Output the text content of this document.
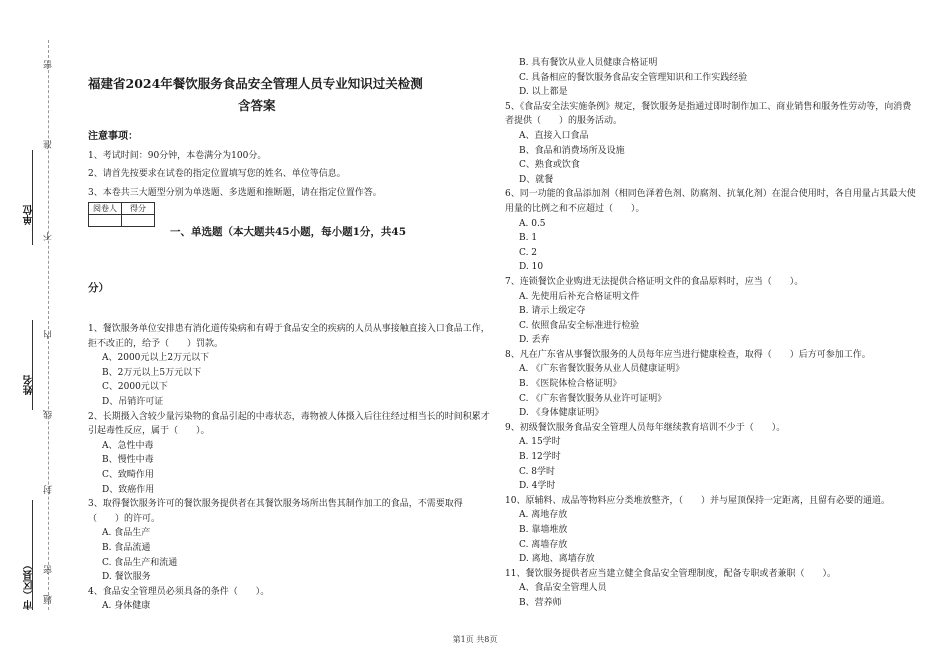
密
准
单位
不
内
姓名
线
封
市（区县） 密
题
福建省2024年餐饮服务食品安全管理人员专业知识过关检测
含答案
注意事项：
1、考试时间：90分钟，本卷满分为100分。
2、请首先按要求在试卷的指定位置填写您的姓名、单位等信息。
3、本卷共三大题型分别为单选题、多选题和推断题，请在指定位置作答。
阅卷人	得分

一、单选题（本大题共45小题，每小题1分，共45
分）
1、餐饮服务单位安排患有消化道传染病和有碍于食品安全的疾病的人员从事接触直接入口食品工作，拒不改正的，给予（　　）罚款。
A、2000元以上2万元以下
B、2万元以上5万元以下
C、2000元以下
D、吊销许可证
2、长期摄入含较少量污染物的食品引起的中毒状态，毒物被人体摄入后往往经过相当长的时间积累才引起毒性反应，属于（　　）。
A、急性中毒
B、慢性中毒
C、致畸作用
D、致癌作用
3、取得餐饮服务许可的餐饮服务提供者在其餐饮服务场所出售其制作加工的食品，不需要取得（　　）的许可。
A. 食品生产
B. 食品流通
C. 食品生产和流通
D. 餐饮服务
4、食品安全管理员必须具备的条件（　　）。
A. 身体健康
B. 具有餐饮从业人员健康合格证明
C. 具备相应的餐饮服务食品安全管理知识和工作实践经验
D. 以上都是
5、《食品安全法实施条例》规定，餐饮服务是指通过即时制作加工、商业销售和服务性劳动等，向消费者提供（　　）的服务活动。
A、直接入口食品
B、食品和消费场所及设施
C、熟食或饮食
D、就餐
6、同一功能的食品添加剂（相同色泽着色剂、防腐剂、抗氧化剂）在混合使用时，各自用量占其最大使用量的比例之和不应超过（　　）。
A. 0.5
B. 1
C. 2
D. 10
7、连锁餐饮企业购进无法提供合格证明文件的食品原料时，应当（　　）。
A. 先使用后补充合格证明文件
B. 请示上级定夺
C. 依照食品安全标准进行检验
D. 丢弃
8、凡在广东省从事餐饮服务的人员每年应当进行健康检查，取得（　　）后方可参加工作。
A. 《广东省餐饮服务从业人员健康证明》
B. 《医院体检合格证明》
C. 《广东省餐饮服务从业许可证明》
D. 《身体健康证明》
9、初级餐饮服务食品安全管理人员每年继续教育培训不少于（　　）。
A. 15学时
B. 12学时
C. 8学时
D. 4学时
10、原辅料、成品等物料应分类堆放整齐，（　　）并与屋顶保持一定距离，且留有必要的通道。
A. 离地存放
B. 靠墙堆放
C. 离墙存放
D. 离地、离墙存放
11、餐饮服务提供者应当建立健全食品安全管理制度，配备专职或者兼职（　　）。
A、食品安全管理人员
B、营养师
第1页 共8页
